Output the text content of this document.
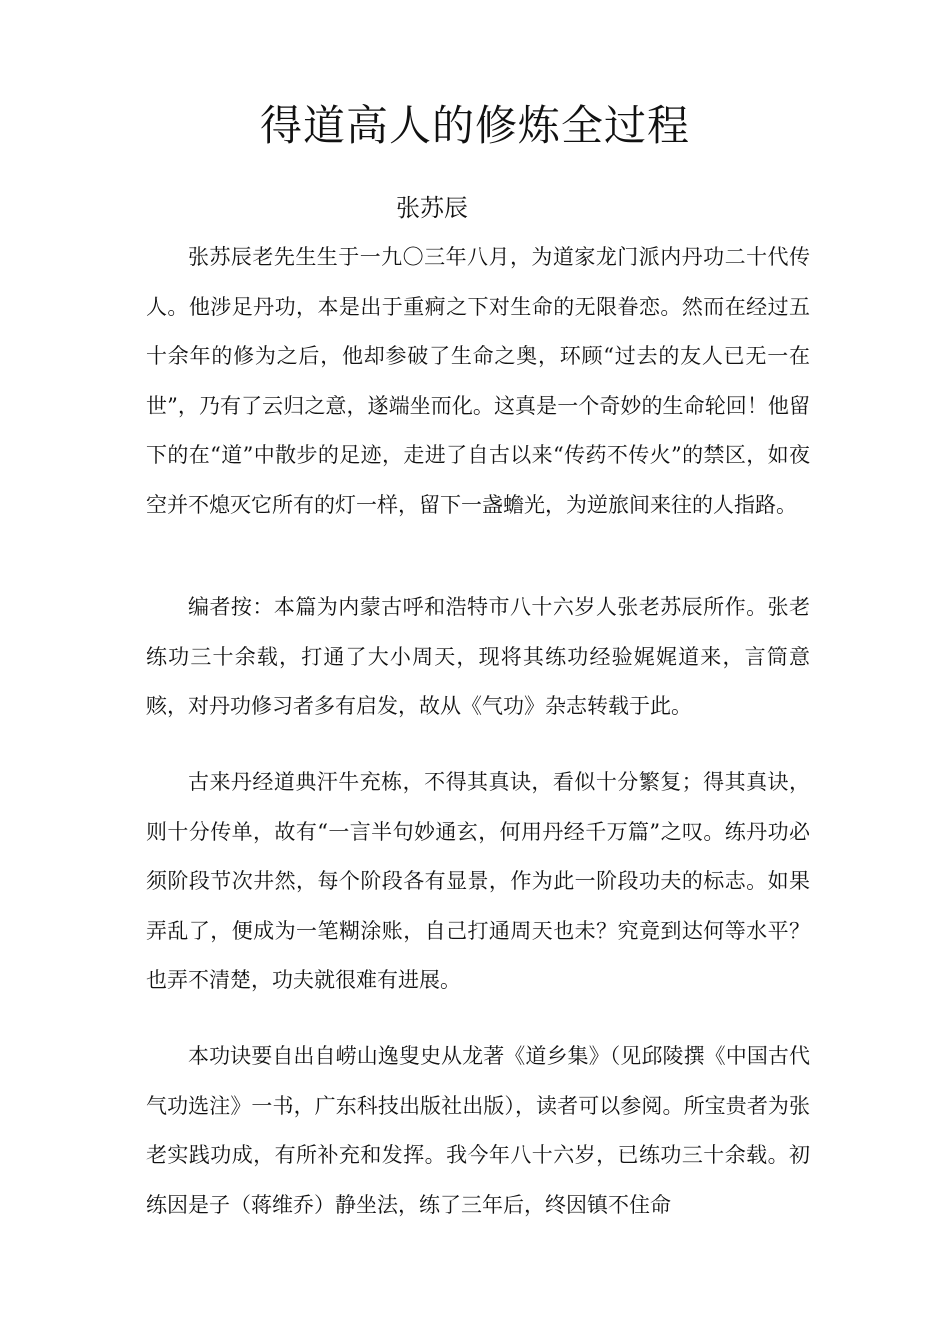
得道高人的修炼全过程

张苏辰

张苏辰老先生生于一九〇三年八月，为道家龙门派内丹功二十代传人。他涉足丹功，本是出于重痾之下对生命的无限眷恋。然而在经过五十余年的修为之后，他却参破了生命之奥，环顾“过去的友人已无一在世”，乃有了云归之意，遂端坐而化。这真是一个奇妙的生命轮回！他留下的在“道”中散步的足迹，走进了自古以来“传药不传火”的禁区，如夜空并不熄灭它所有的灯一样，留下一盏蟾光，为逆旅间来往的人指路。

编者按：本篇为内蒙古呼和浩特市八十六岁人张老苏辰所作。张老练功三十余载，打通了大小周天，现将其练功经验娓娓道来，言筒意赅，对丹功修习者多有启发，故从《气功》杂志转载于此。

古来丹经道典汗牛充栋，不得其真诀，看似十分繁复；得其真诀，则十分传单，故有“一言半句妙通玄，何用丹经千万篇”之叹。练丹功必须阶段节次井然，每个阶段各有显景，作为此一阶段功夫的标志。如果弄乱了，便成为一笔糊涂账，自己打通周天也未？究竟到达何等水平？也弄不清楚，功夫就很难有进展。

本功诀要自出自崂山逸叟史从龙著《道乡集》（见邱陵撰《中国古代气功选注》一书，广东科技出版社出版），读者可以参阅。所宝贵者为张老实践功成，有所补充和发挥。我今年八十六岁，已练功三十余载。初练因是子（蒋维乔）静坐法，练了三年后，终因镇不住命
